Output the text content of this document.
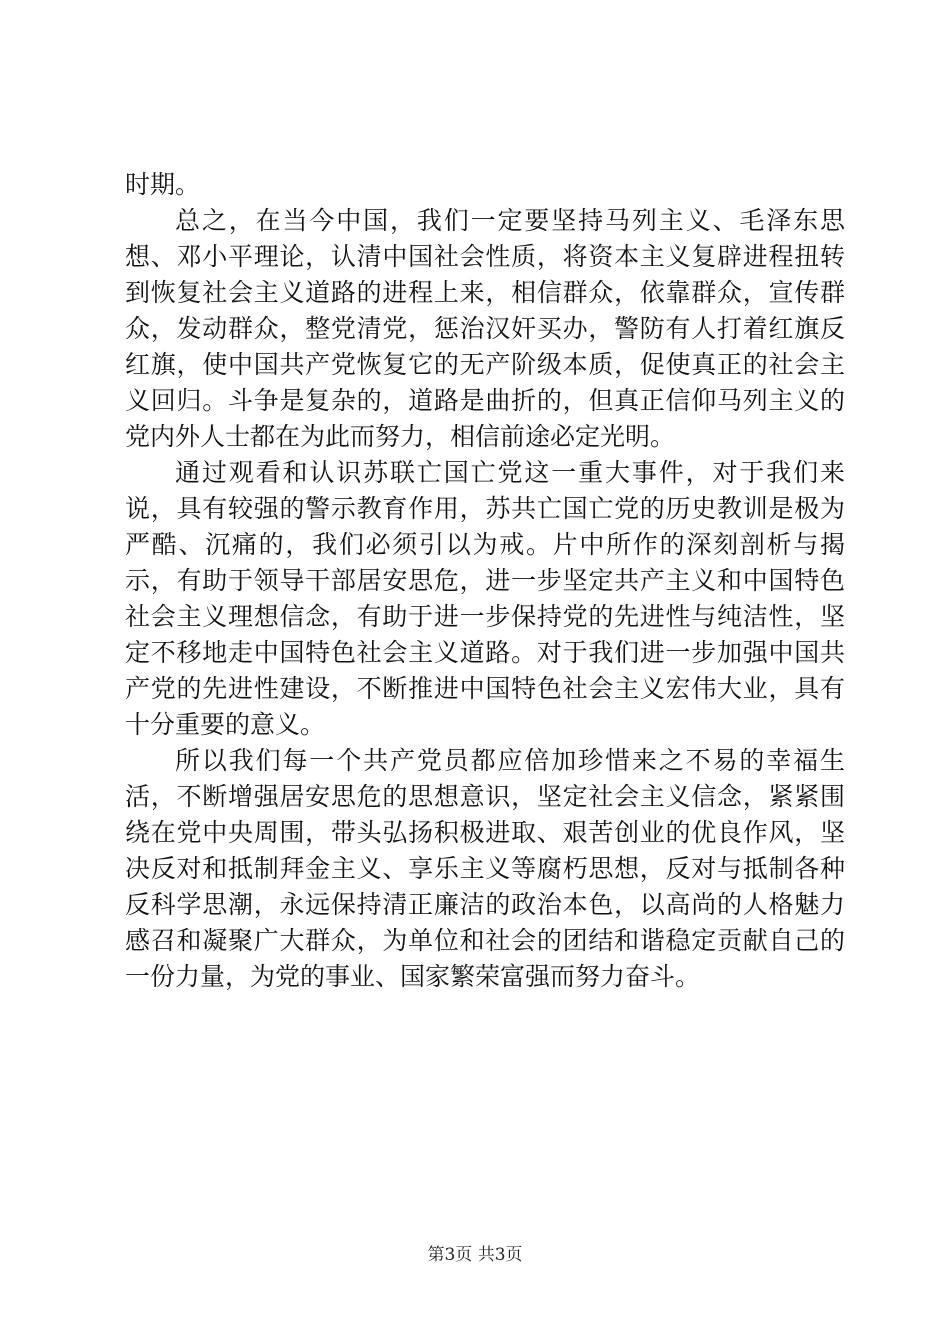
时期。

总之，在当今中国，我们一定要坚持马列主义、毛泽东思想、邓小平理论，认清中国社会性质，将资本主义复辟进程扭转到恢复社会主义道路的进程上来，相信群众，依靠群众，宣传群众，发动群众，整党清党，惩治汉奸买办，警防有人打着红旗反红旗，使中国共产党恢复它的无产阶级本质，促使真正的社会主义回归。斗争是复杂的，道路是曲折的，但真正信仰马列主义的党内外人士都在为此而努力，相信前途必定光明。

通过观看和认识苏联亡国亡党这一重大事件，对于我们来说，具有较强的警示教育作用，苏共亡国亡党的历史教训是极为严酷、沉痛的，我们必须引以为戒。片中所作的深刻剖析与揭示，有助于领导干部居安思危，进一步坚定共产主义和中国特色社会主义理想信念，有助于进一步保持党的先进性与纯洁性，坚定不移地走中国特色社会主义道路。对于我们进一步加强中国共产党的先进性建设，不断推进中国特色社会主义宏伟大业，具有十分重要的意义。

所以我们每一个共产党员都应倍加珍惜来之不易的幸福生活，不断增强居安思危的思想意识，坚定社会主义信念，紧紧围绕在党中央周围，带头弘扬积极进取、艰苦创业的优良作风，坚决反对和抵制拜金主义、享乐主义等腐朽思想，反对与抵制各种反科学思潮，永远保持清正廉洁的政治本色，以高尚的人格魅力感召和凝聚广大群众，为单位和社会的团结和谐稳定贡献自己的一份力量，为党的事业、国家繁荣富强而努力奋斗。

第3页 共3页
